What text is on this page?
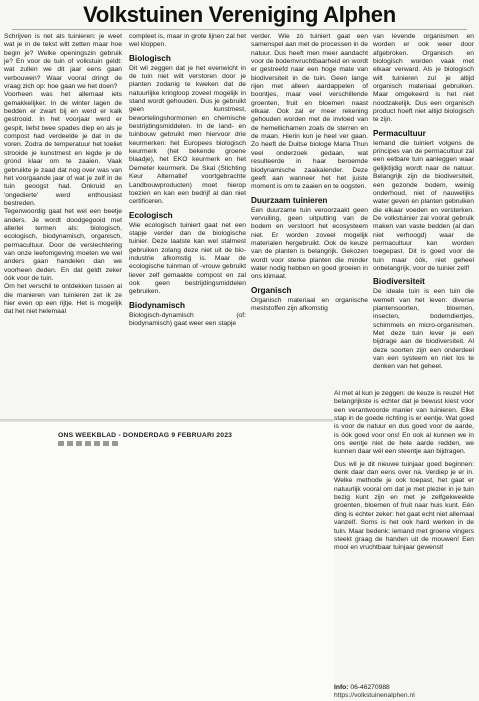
Volkstuinen Vereniging Alphen

Schrijven is net als tuinieren: je weet wat je in de tekst wilt zetten maar hoe begin je? Welke openingszin gebruik je? En voor de tuin of volkstuin geldt: wat zullen we dit jaar eens gaan verbouwen? Waar vooral dringt de vraag zich op: hoe gaan we het doen?

Voorheen was het allemaal iets gemakkelijker. In de winter lagen de bedden er zwart bij en werd er kalk gestrooid. In het voorjaar werd er gespit, liefst twee spades diep en als je compost had verdeelde je dat in de voren. Zodra de temperatuur het toeliet strooide je kunstmest en legde je de grond klaar om te zaaien. Vaak gebruikte je zaad dat nog over was van het voorgaande jaar of wat je zelf in de tuin geoogst had. Onkruid en 'ongediertе' werd enthousiast bestreden.

Tegenwoordig gaat het wel een beetje anders. Je wordt doodgegooid met allerlei termen als: biologisch, ecologisch, biodynamisch, organisch, permacultuur. Door de verslechtering van onze leefomgeving moeten we wel anders gaan handelen dan we voorheen deden. En dat geldt zeker óók voor de tuin.

Om het verschil te ontdekken tussen al die manieren van tuinieren zet ik ze hier even op een rijtje. Het is mogelijk dat het niet helemaal

compleet is, maar in grote lijnen zal het wel kloppen.

Biologisch

Dit wil zeggen dat je het evenwicht in de tuin niet wilt verstoren door je planten zodanig te kweken dat de natuurlijke kringloop zoveel mogelijk in stand wordt gehouden. Dus je gebruikt geen kunstmest, bewortelingshormonen en chemische bestrijdingsmiddelen. In de land- en tuinbouw gebruikt men hiervoor drie keurmerken: het Europees biologisch keurmerk (het bekende groene blaadje), het EKO keurmerk en het Demeter keurmerk. De Skal (Stichting Keur Alternatief voortgebrachte Landbouwproducten) moet hierop toezien en kan een bedrijf al dan niet certificeren.

Ecologisch

Wie ecologisch tuiniert gaat net een stapje verder dan de biologische tuinier. Deze laatste kan wel stalmest gebruiken zolang deze niet uit de bio-industrie afkomstig is. Maar de ecologische tuinman of -vrouw gebruikt liever zelf gemaakte compost en zal ook geen bestrijdingsmiddelen gebruiken.

Biodynamisch

Biologisch-dynamisch (of: biodynamisch) gaat weer een stapje

verder. Wie zó tuiniert gaat een samenspel aan met de processen in de natuur. Dus heeft men meer aandacht voor de bodemvruchtbaarheid en wordt er gestreefd naar een hoge mate van biodiversiteit in de tuin. Geen lange rijen met alleen aardappelen of boontjes, maar veel verschillende groenten, fruit en bloemen naast elkaar. Ook zal er meer rekening gehouden worden met de invloed van de hemellichamen zoals de sterren en de maan. Hierin kun je heel ver gaan. Zo heeft de Duitse biologe Maria Thun veel onderzoek gedaan, wat resulteerde in haar beroemde biodynamische zaaikalender. Deze geeft aan wanneer het het juiste moment is om te zaaien en te oogsten.

Duurzaam tuinieren

Een duurzame tuin veroorzaakt geen vervuiling, geen uitputting van de bodem en verstoort het ecosysteem niet. Er worden zoveel mogelijk materialen hergebruikt. Ook de keuze van de planten is belangrijk. Gekozen wordt voor sterke planten die minder water nodig hebben en goed groeien in ons klimaat.

Organisch

Organisch materiaal en organische meststoffen zijn afkomstig

van levende organismen en worden er ook weer door afgebroken. Organisch en biologisch worden vaak met elkaar verward. Als je biologisch wilt tuinieren zul je altijd organisch materiaal gebruiken. Maar omgekeerd is het niet noodzakelijk. Dus een organisch product hoeft niet altijd biologisch te zijn.

Permacultuur

Iemand die tuiniert volgens de principes van de permacultuur zal een eetbare tuin aanleggen waar gelijktijdig wordt naar de natuur. Belangrijk zijn de biodiversiteit, een gezonde bodem, weinig onderhoud, niet of nauwelijks water geven en planten gebruiken die elkaar voeden en versterken. De volkstuinier zal vooral gebruik maken van vaste bedden (al dan niet verhoogd) waar de permacultuur kan worden toegepast. Dit is goed voor de tuin maar óók, niet geheel onbelangrijk, voor de tuinier zelf!

Biodiversiteit

De ideale tuin is een tuin die wemelt van het leven: diverse plantensoorten, bloemen, insecten, bodemdiertjes, schimmels en micro-organismen. Met deze tuin lever je een bijdrage aan de biodiversiteit. Al deze soorten zijn een onderdeel van een systeem en niet los te denken van het geheel.

ONS WEEKBLAD - DONDERDAG 9 FEBRUARI 2023

Al met al kun je zeggen: de keuze is reuze! Het belangrijkste is echter dat je bewust kiest voor een verantwoorde manier van tuinieren. Elke stap in de goede richting is er eentje. Wat goed is voor de natuur en dus goed voor de aarde, is óók goed voor ons! En ook al kunnen we in ons eentje niet de hele aarde redden, we kunnen daar wél een steentje aan bijdragen.

Dus wil je dit nieuwe tuinjaar goed beginnen: denk daar dan eens over na. Verdiep je er in. Welke methode je ook toepast, het gaat er natuurlijk vooral om dat je met plezier in je tuin bezig kunt zijn en met je zelfgekweekte groenten, bloemen of fruit naar huis kunt. Eén ding is echter zeker: het gaat echt niet allemaal vanzelf. Soms is het ook hard werken in de tuin. Maar bedenk: iemand met groene vingers steekt graag de handen uit de mouwen! Een mooi en vruchtbaar tuinjaar gewenst!

Info: 06-46270988
https://volkstuinenalphen.nl
